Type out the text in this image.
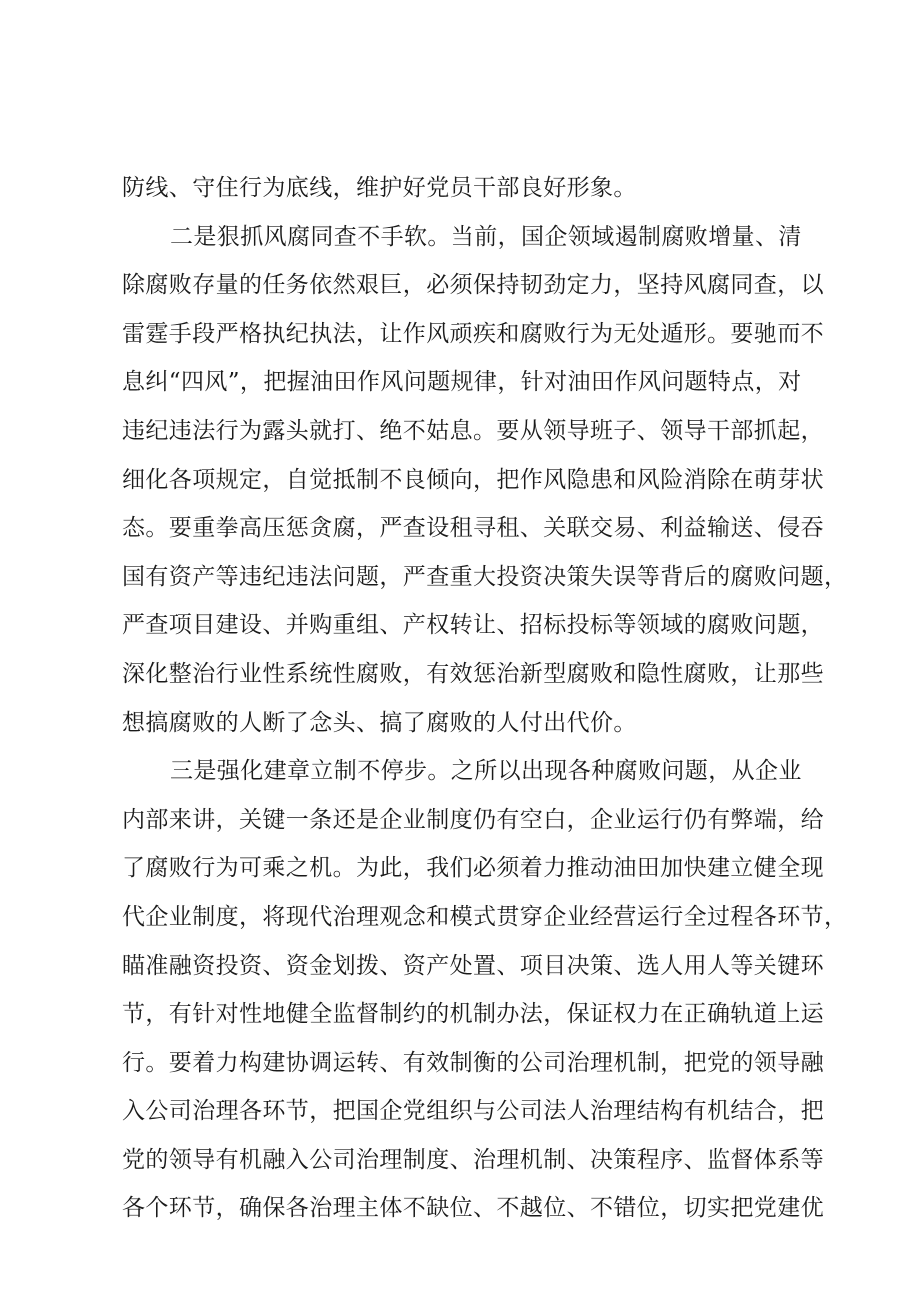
防线、守住行为底线，维护好党员干部良好形象。
二是狠抓风腐同查不手软。当前，国企领域遏制腐败增量、清
除腐败存量的任务依然艰巨，必须保持韧劲定力，坚持风腐同查，以
雷霆手段严格执纪执法，让作风顽疾和腐败行为无处遁形。要驰而不
息纠“四风”，把握油田作风问题规律，针对油田作风问题特点，对
违纪违法行为露头就打、绝不姑息。要从领导班子、领导干部抓起，
细化各项规定，自觉抵制不良倾向，把作风隐患和风险消除在萌芽状
态。要重拳高压惩贪腐，严查设租寻租、关联交易、利益输送、侵吞
国有资产等违纪违法问题，严查重大投资决策失误等背后的腐败问题，
严查项目建设、并购重组、产权转让、招标投标等领域的腐败问题，
深化整治行业性系统性腐败，有效惩治新型腐败和隐性腐败，让那些
想搞腐败的人断了念头、搞了腐败的人付出代价。
三是强化建章立制不停步。之所以出现各种腐败问题，从企业
内部来讲，关键一条还是企业制度仍有空白，企业运行仍有弊端，给
了腐败行为可乘之机。为此，我们必须着力推动油田加快建立健全现
代企业制度，将现代治理观念和模式贯穿企业经营运行全过程各环节，
瞄准融资投资、资金划拨、资产处置、项目决策、选人用人等关键环
节，有针对性地健全监督制约的机制办法，保证权力在正确轨道上运
行。要着力构建协调运转、有效制衡的公司治理机制，把党的领导融
入公司治理各环节，把国企党组织与公司法人治理结构有机结合，把
党的领导有机融入公司治理制度、治理机制、决策程序、监督体系等
各个环节，确保各治理主体不缺位、不越位、不错位，切实把党建优
